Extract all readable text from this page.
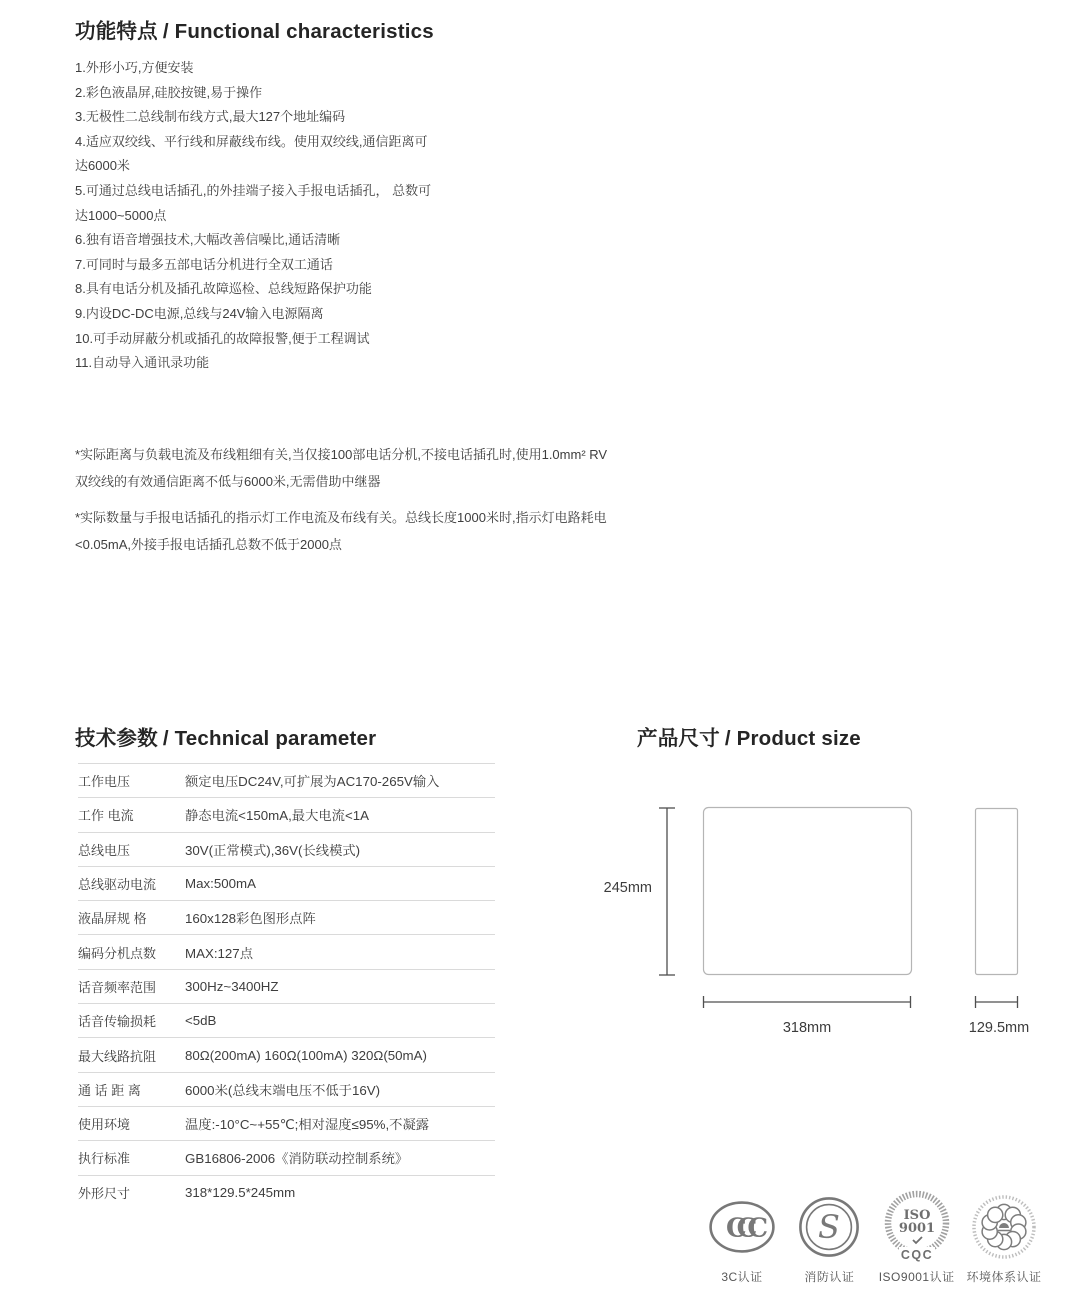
功能特点 / Functional characteristics
1.外形小巧,方便安装
2.彩色液晶屏,硅胶按键,易于操作
3.无极性二总线制布线方式,最大127个地址编码
4.适应双绞线、平行线和屏蔽线布线。使用双绞线,通信距离可达6000米
5.可通过总线电话插孔,的外挂端子接入手报电话插孔， 总数可达1000~5000点
6.独有语音增强技术,大幅改善信噪比,通话清晰
7.可同时与最多五部电话分机进行全双工通话
8.具有电话分机及插孔故障巡检、总线短路保护功能
9.内设DC-DC电源,总线与24V输入电源隔离
10.可手动屏蔽分机或插孔的故障报警,便于工程调试
11.自动导入通讯录功能

*实际距离与负载电流及布线粗细有关,当仅接100部电话分机,不接电话插孔时,使用1.0mm² RV双绞线的有效通信距离不低与6000米,无需借助中继器

*实际数量与手报电话插孔的指示灯工作电流及布线有关。总线长度1000米时,指示灯电路耗电<0.05mA,外接手报电话插孔总数不低于2000点

技术参数 / Technical parameter
工作电压	额定电压DC24V,可扩展为AC170-265V输入
工作 电流	静态电流<150mA,最大电流<1A
总线电压	30V(正常模式),36V(长线模式)
总线驱动电流	Max:500mA
液晶屏规 格	160x128彩色图形点阵
编码分机点数	MAX:127点
话音频率范围	300Hz~3400HZ
话音传输损耗	<5dB
最大线路抗阻	80Ω(200mA) 160Ω(100mA) 320Ω(50mA)
通 话 距 离	6000米(总线末端电压不低于16V)
使用环境	温度:-10°C~+55℃;相对湿度≤95%,不凝露
执行标准	GB16806-2006《消防联动控制系统》
外形尺寸	318*129.5*245mm
产品尺寸 / Product size
245mm
318mm	129.5mm
CCC
3C认证
S
消防认证
ISO
9001
CQC
ISO9001认证 环境体系认证
